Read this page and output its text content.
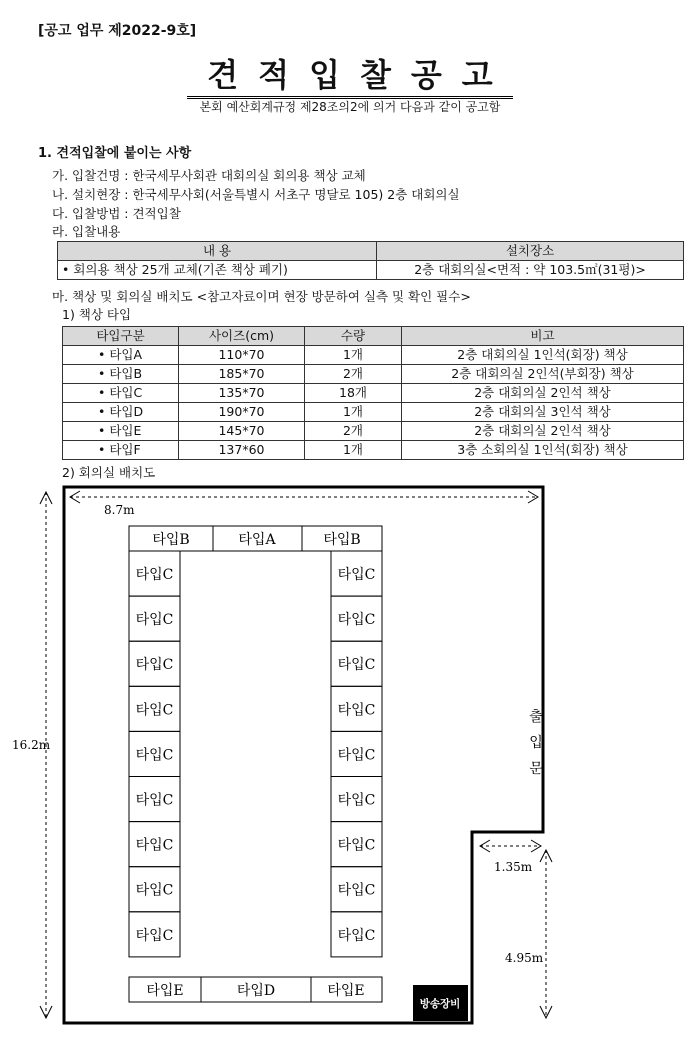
[공고 업무 제2022-9호]
견적입찰공고
본회 예산회계규정 제28조의2에 의거 다음과 같이 공고함
1. 견적입찰에 붙이는 사항
가. 입찰건명 : 한국세무사회관 대회의실 회의용 책상 교체
나. 설치현장 : 한국세무사회(서울특별시 서초구 명달로 105) 2층 대회의실
다. 입찰방법 : 견적입찰
라. 입찰내용
내 용	설치장소
• 회의용 책상 25개 교체(기존 책상 폐기)	2층 대회의실<면적 : 약 103.5㎡(31평)>
마. 책상 및 회의실 배치도 <참고자료이며 현장 방문하여 실측 및 확인 필수>
1) 책상 타입
타입구분	사이즈(cm)	수량	비고
• 타입A	110*70	1개	2층 대회의실 1인석(회장) 책상
• 타입B	185*70	2개	2층 대회의실 2인석(부회장) 책상
• 타입C	135*70	18개	2층 대회의실 2인석 책상
• 타입D	190*70	1개	2층 대회의실 3인석 책상
• 타입E	145*70	2개	2층 대회의실 2인석 책상
• 타입F	137*60	1개	3층 소회의실 1인석(회장) 책상
2) 회의실 배치도
8.7m
16.2m
1.35m
4.95m
출
입
문
타입B	타입A	타입B
타입E	타입D	타입E
방송장비
타입C	타입C
타입C	타입C
타입C	타입C
타입C	타입C
타입C	타입C
타입C	타입C
타입C	타입C
타입C	타입C
타입C	타입C
